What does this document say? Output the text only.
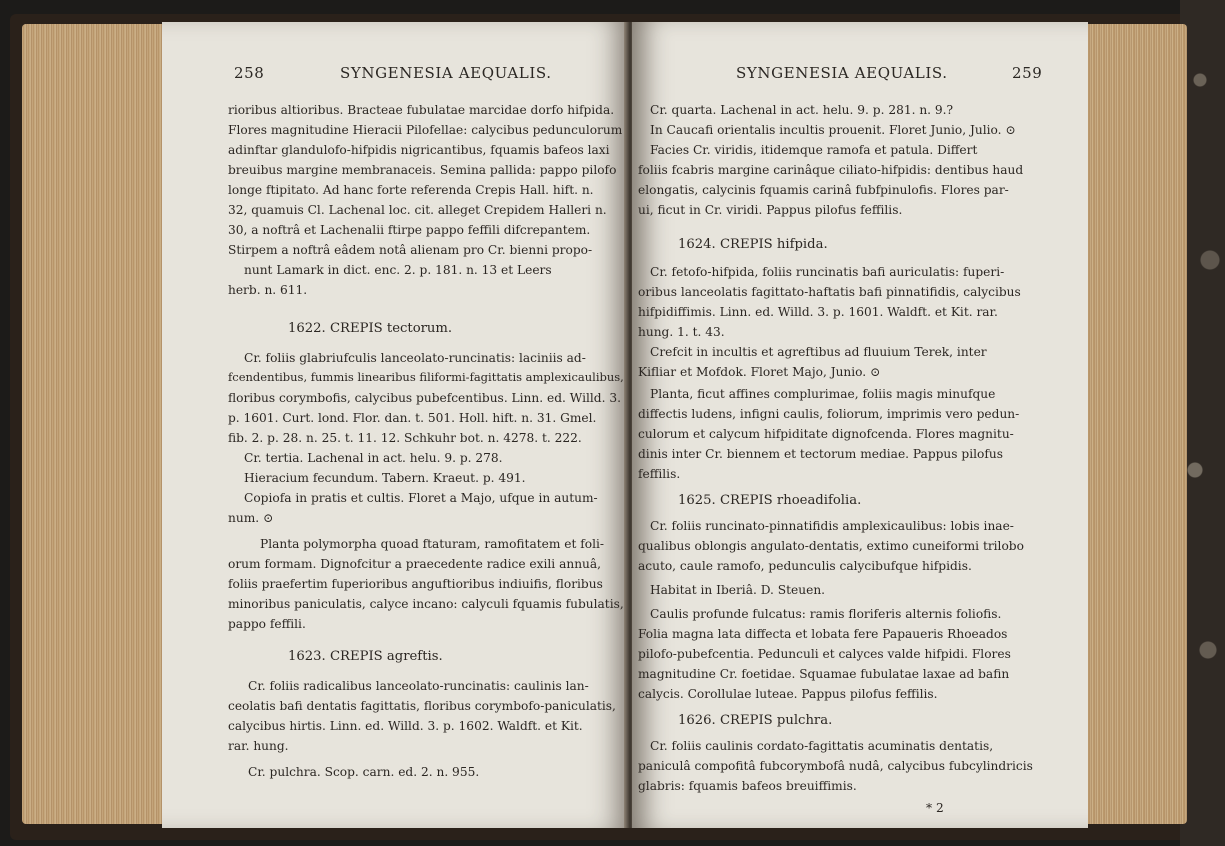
258	SYNGENESIA AEQUALIS.
rioribus altioribus. Bracteae fubulatae marcidae dorfo hifpida.
Flores magnitudine Hieracii Pilofellae: calycibus pedunculorum
adinftar glandulofo-hifpidis nigricantibus, fquamis bafeos laxi
breuibus margine membranaceis. Semina pallida: pappo pilofo
longe ftipitato. Ad hanc forte referenda Crepis Hall. hift. n.
32, quamuis Cl. Lachenal loc. cit. alleget Crepidem Halleri n.
30, a noftrâ et Lachenalii ftirpe pappo feffili difcrepantem.
Stirpem a noftrâ eâdem notâ alienam pro Cr. bienni propo-
nunt Lamark in dict. enc. 2. p. 181. n. 13 et Leers
herb. n. 611.
1622. CREPIS tectorum.
Cr. foliis glabriufculis lanceolato-runcinatis: laciniis ad-
fcendentibus, fummis linearibus filiformi-fagittatis amplexicaulibus,
floribus corymbofis, calycibus pubefcentibus. Linn. ed. Willd. 3.
p. 1601. Curt. lond. Flor. dan. t. 501. Holl. hift. n. 31. Gmel.
fib. 2. p. 28. n. 25. t. 11. 12. Schkuhr bot. n. 4278. t. 222.
Cr. tertia. Lachenal in act. helu. 9. p. 278.
Hieracium fecundum. Tabern. Kraeut. p. 491.
Copiofa in pratis et cultis. Floret a Majo, ufque in autum-
num. ⊙
Planta polymorpha quoad ftaturam, ramofitatem et foli-
orum formam. Dignofcitur a praecedente radice exili annuâ,
foliis praefertim fuperioribus anguftioribus indiuifis, floribus
minoribus paniculatis, calyce incano: calyculi fquamis fubulatis,
pappo feffili.
1623. CREPIS agreftis.
Cr. foliis radicalibus lanceolato-runcinatis: caulinis lan-
ceolatis bafi dentatis fagittatis, floribus corymbofo-paniculatis,
calycibus hirtis. Linn. ed. Willd. 3. p. 1602. Waldft. et Kit.
rar. hung.
Cr. pulchra. Scop. carn. ed. 2. n. 955.
SYNGENESIA AEQUALIS.	259
Cr. quarta. Lachenal in act. helu. 9. p. 281. n. 9.?
In Caucafi orientalis incultis prouenit. Floret Junio, Julio. ⊙
Facies Cr. viridis, itidemque ramofa et patula. Differt
foliis fcabris margine carinâque ciliato-hifpidis: dentibus haud
elongatis, calycinis fquamis carinâ fubfpinulofis. Flores par-
ui, ficut in Cr. viridi. Pappus pilofus feffilis.
1624. CREPIS hifpida.
Cr. fetofo-hifpida, foliis runcinatis bafi auriculatis: fuperi-
oribus lanceolatis fagittato-haftatis bafi pinnatifidis, calycibus
hifpidiffimis. Linn. ed. Willd. 3. p. 1601. Waldft. et Kit. rar.
hung. 1. t. 43.
Crefcit in incultis et agreftibus ad fluuium Terek, inter
Kifliar et Mofdok. Floret Majo, Junio. ⊙
Planta, ficut affines complurimae, foliis magis minufque
diffectis ludens, infigni caulis, foliorum, imprimis vero pedun-
culorum et calycum hifpiditate dignofcenda. Flores magnitu-
dinis inter Cr. biennem et tectorum mediae. Pappus pilofus
feffilis.
1625. CREPIS rhoeadifolia.
Cr. foliis runcinato-pinnatifidis amplexicaulibus: lobis inae-
qualibus oblongis angulato-dentatis, extimo cuneiformi trilobo
acuto, caule ramofo, pedunculis calycibufque hifpidis.
Habitat in Iberiâ. D. Steuen.
Caulis profunde fulcatus: ramis floriferis alternis foliofis.
Folia magna lata diffecta et lobata fere Papaueris Rhoeados
pilofo-pubefcentia. Pedunculi et calyces valde hifpidi. Flores
magnitudine Cr. foetidae. Squamae fubulatae laxae ad bafin
calycis. Corollulae luteae. Pappus pilofus feffilis.
1626. CREPIS pulchra.
Cr. foliis caulinis cordato-fagittatis acuminatis dentatis,
paniculâ compofitâ fubcorymbofâ nudâ, calycibus fubcylindricis
glabris: fquamis bafeos breuiffimis.
* 2
